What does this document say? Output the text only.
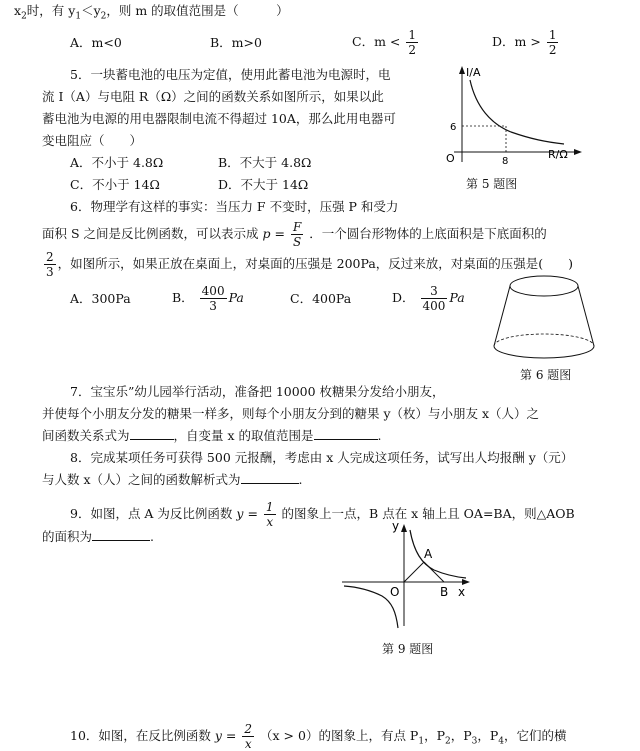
$x_2$时，有 $y_1<y_2$，则 m 的取值范围是（　　　）
A．m<0	B．m>0	C．$m < \frac{1}{2}$	D．$m > \frac{1}{2}$
5．一块蓄电池的电压为定值，使用此蓄电池为电源时，电
流 I（A）与电阻 R（Ω）之间的函数关系如图所示，如果以此
蓄电池为电源的用电器限制电流不得超过 10A，那么此用电器可
变电阻应（　　）
A．不小于 4.8Ω	B．不大于 4.8Ω
C．不小于 14Ω	D．不大于 14Ω
I/A
R/Ω
O
6
8
第 5 题图
6．物理学有这样的事实：当压力 F 不变时，压强 P 和受力
面积 S 之间是反比例函数，可以表示成 $p = \frac{F}{S}$ ．一个圆台形物体的上底面积是下底面积的
$\frac{2}{3}$ ，如图所示，如果正放在桌面上，对桌面的压强是 200Pa，反过来放，对桌面的压强是(　　)
A．300Pa	B． $\frac{400}{3}$ Pa	C．400Pa	D． $\frac{3}{400}$ Pa
第 6 题图
7．宝宝乐”幼儿园举行活动，准备把 10000 枚糖果分发给小朋友，
并使每个小朋友分发的糖果一样多，则每个小朋友分到的糖果 y（枚）与小朋友 x（人）之
间函数关系式为	，自变量 x 的取值范围是	.
8．完成某项任务可获得 500 元报酬，考虑由 x 人完成这项任务，试写出人均报酬 y（元）
与人数 x（人）之间的函数解析式为	.
9．如图，点 A 为反比例函数 $y = \frac{1}{x}$ 的图象上一点，B 点在 x 轴上且 OA=BA，则△AOB
的面积为	.
y
x
O
A
B
第 9 题图
10．如图，在反比例函数 $y = \frac{2}{x} (x > 0)$的图象上，有点 $P_1$，$P_2$，$P_3$，$P_4$，它们的横
